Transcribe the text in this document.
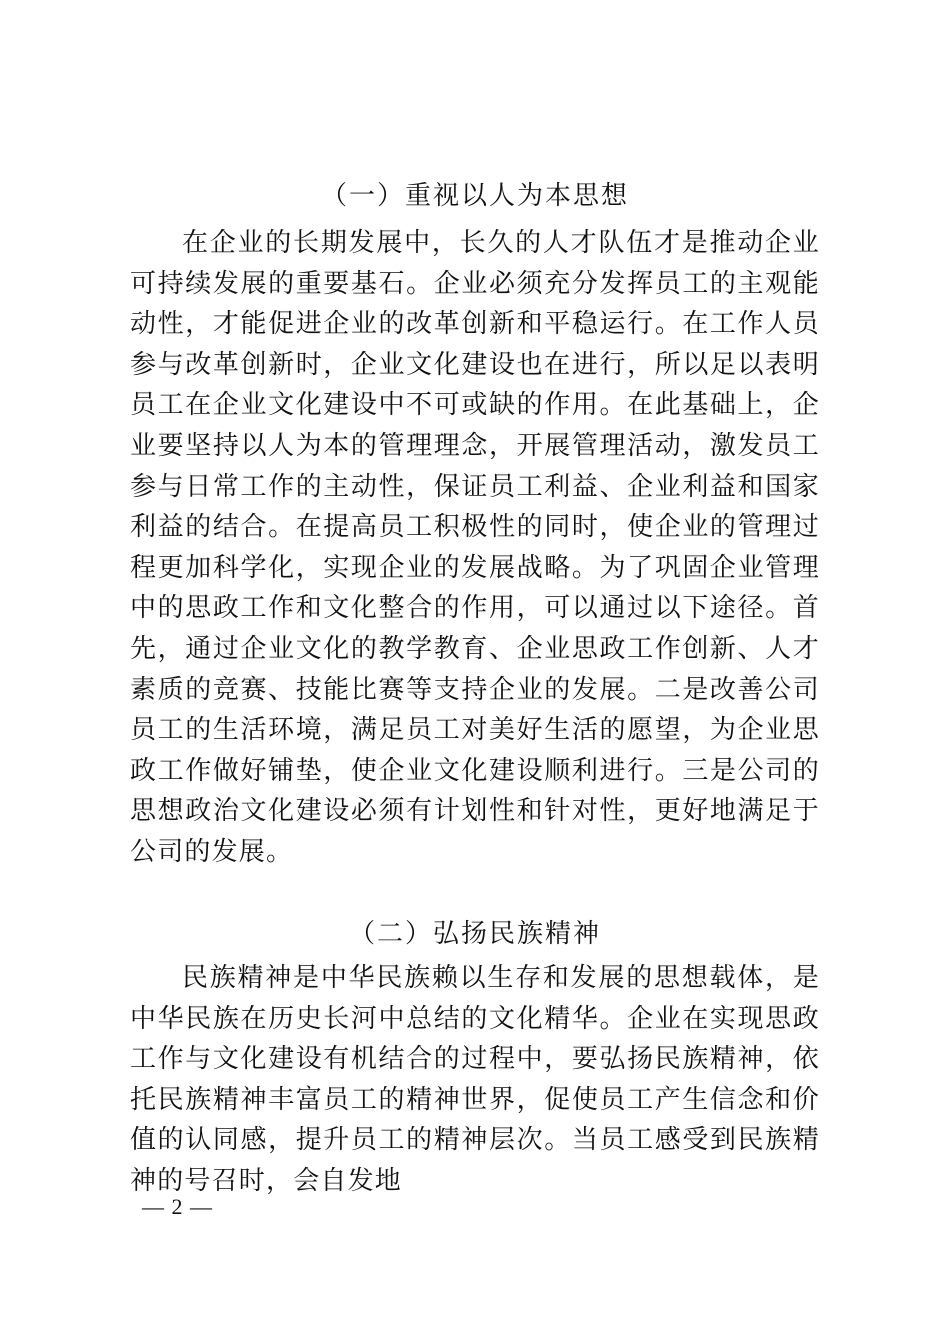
（一）重视以人为本思想

在企业的长期发展中，长久的人才队伍才是推动企业可持续发展的重要基石。企业必须充分发挥员工的主观能动性，才能促进企业的改革创新和平稳运行。在工作人员参与改革创新时，企业文化建设也在进行，所以足以表明员工在企业文化建设中不可或缺的作用。在此基础上，企业要坚持以人为本的管理理念，开展管理活动，激发员工参与日常工作的主动性，保证员工利益、企业利益和国家利益的结合。在提高员工积极性的同时，使企业的管理过程更加科学化，实现企业的发展战略。为了巩固企业管理中的思政工作和文化整合的作用，可以通过以下途径。首先，通过企业文化的教学教育、企业思政工作创新、人才素质的竞赛、技能比赛等支持企业的发展。二是改善公司员工的生活环境，满足员工对美好生活的愿望，为企业思政工作做好铺垫，使企业文化建设顺利进行。三是公司的思想政治文化建设必须有计划性和针对性，更好地满足于公司的发展。

（二）弘扬民族精神

民族精神是中华民族赖以生存和发展的思想载体，是中华民族在历史长河中总结的文化精华。企业在实现思政工作与文化建设有机结合的过程中，要弘扬民族精神，依托民族精神丰富员工的精神世界，促使员工产生信念和价值的认同感，提升员工的精神层次。当员工感受到民族精神的号召时，会自发地

— 2 —
